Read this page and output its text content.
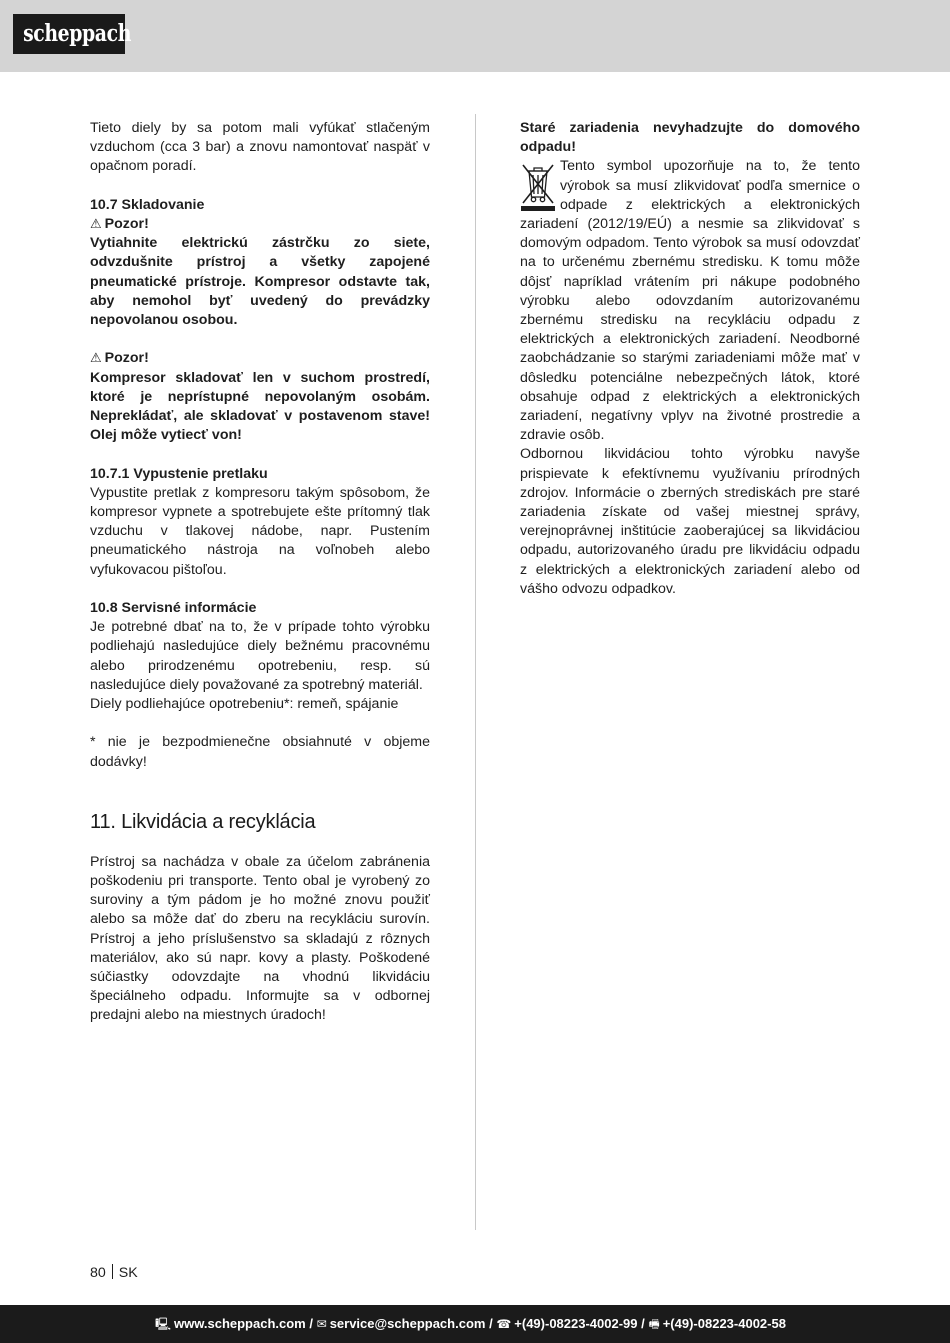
scheppach
Tieto diely by sa potom mali vyfúkať stlačeným vzduchom (cca 3 bar) a znovu namontovať naspäť v opačnom poradí.
10.7 Skladovanie
⚠ Pozor!
Vytiahnite elektrickú zástrčku zo siete, odvzdušnite prístroj a všetky zapojené pneumatické prístroje. Kompresor odstavte tak, aby nemohol byť uvedený do prevádzky nepovolanou osobou.
⚠ Pozor!
Kompresor skladovať len v suchom prostredí, ktoré je neprístupné nepovolaným osobám. Neprekládať, ale skladovať v postavenom stave! Olej môže vytiecť von!
10.7.1 Vypustenie pretlaku
Vypustite pretlak z kompresoru takým spôsobom, že kompresor vypnete a spotrebujete ešte prítomný tlak vzduchu v tlakovej nádobe, napr. Pustením pneumatického nástroja na voľnobeh alebo vyfukovacou pištoľou.
10.8 Servisné informácie
Je potrebné dbať na to, že v prípade tohto výrobku podliehajú nasledujúce diely bežnému pracovnému alebo prirodzenému opotrebeniu, resp. sú nasledujúce diely považované za spotrebný materiál.
Diely podliehajúce opotrebeniu*: remeň, spájanie
* nie je bezpodmienečne obsiahnuté v objeme dodávky!
11. Likvidácia a recyklácia
Prístroj sa nachádza v obale za účelom zabránenia poškodeniu pri transporte. Tento obal je vyrobený zo suroviny a tým pádom je ho možné znovu použiť alebo sa môže dať do zberu na recykláciu surovín. Prístroj a jeho príslušenstvo sa skladajú z rôznych materiálov, ako sú napr. kovy a plasty. Poškodené súčiastky odovzdajte na vhodnú likvidáciu špeciálneho odpadu. Informujte sa v odbornej predajni alebo na miestnych úradoch!
Staré zariadenia nevyhadzujte do domového odpadu!
Tento symbol upozorňuje na to, že tento výrobok sa musí zlikvidovať podľa smernice o odpade z elektrických a elektronických zariadení (2012/19/EÚ) a nesmie sa zlikvidovať s domovým odpadom. Tento výrobok sa musí odovzdať na to určenému zbernému stredisku. K tomu môže dôjsť napríklad vrátením pri nákupe podobného výrobku alebo odovzdaním autorizovanému zbernému stredisku na recykláciu odpadu z elektrických a elektronických zariadení. Neodborné zaobchádzanie so starými zariadeniami môže mať v dôsledku potenciálne nebezpečných látok, ktoré obsahuje odpad z elektrických a elektronických zariadení, negatívny vplyv na životné prostredie a zdravie osôb.
Odbornou likvidáciou tohto výrobku navyše prispievate k efektívnemu využívaniu prírodných zdrojov. Informácie o zberných strediskách pre staré zariadenia získate od vašej miestnej správy, verejnoprávnej inštitúcie zaoberajúcej sa likvidáciou odpadu, autorizovaného úradu pre likvidáciu odpadu z elektrických a elektronických zariadení alebo od vášho odvozu odpadkov.
80 SK
🖳 www.scheppach.com / ✉ service@scheppach.com / ☎ +(49)-08223-4002-99 / 🖷 +(49)-08223-4002-58
